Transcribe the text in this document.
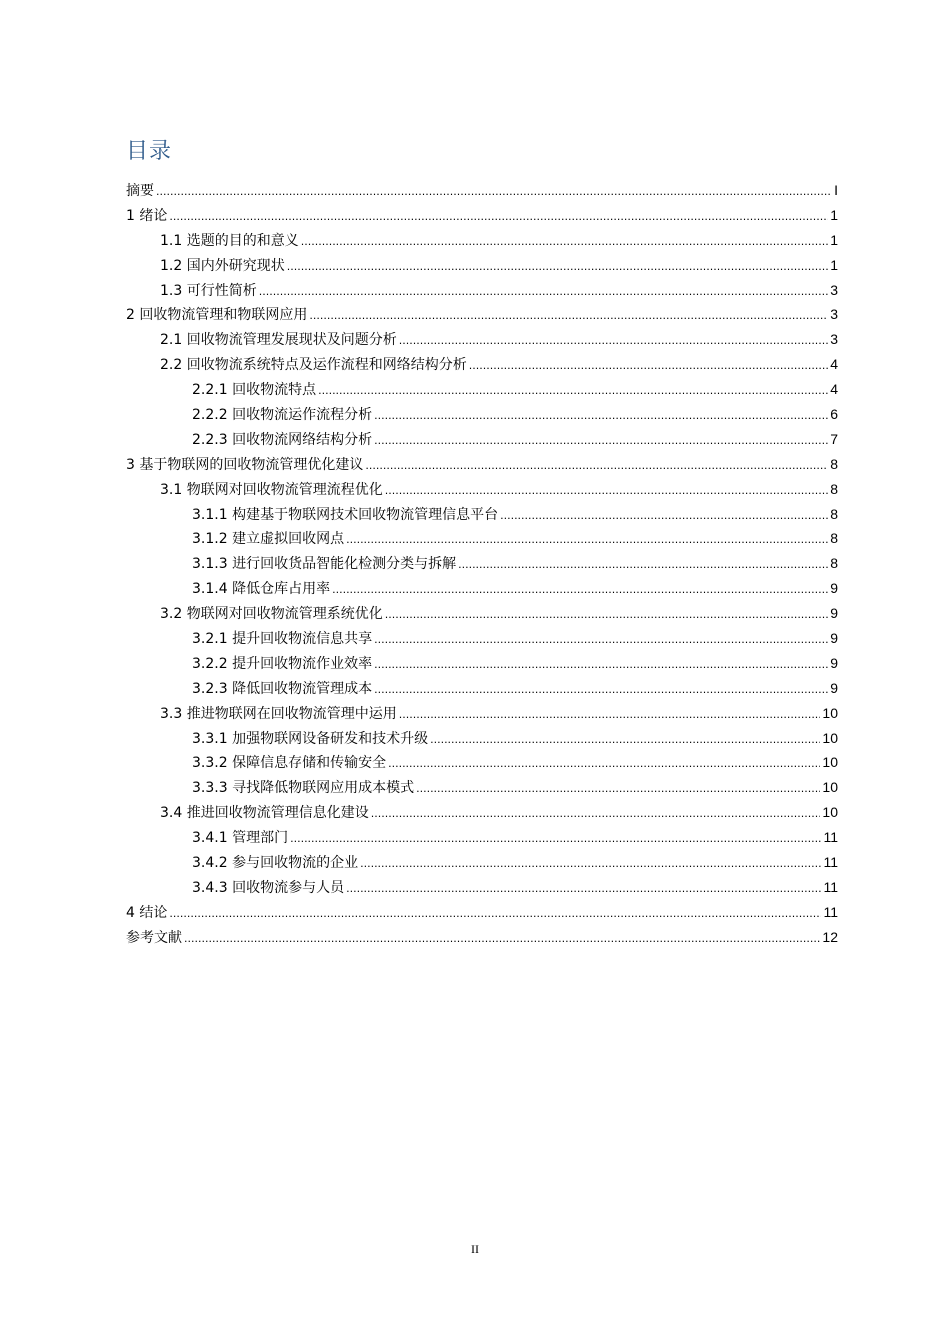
目录
摘要 .....	I
1 绪论 .....	1
1.1 选题的目的和意义 .....	1
1.2 国内外研究现状 .....	1
1.3 可行性简析 .....	3
2 回收物流管理和物联网应用 .....	3
2.1 回收物流管理发展现状及问题分析 .....	3
2.2 回收物流系统特点及运作流程和网络结构分析 .....	4
2.2.1 回收物流特点 .....	4
2.2.2 回收物流运作流程分析 .....	6
2.2.3 回收物流网络结构分析 .....	7
3 基于物联网的回收物流管理优化建议 .....	8
3.1 物联网对回收物流管理流程优化 .....	8
3.1.1 构建基于物联网技术回收物流管理信息平台 .....	8
3.1.2 建立虚拟回收网点 .....	8
3.1.3 进行回收货品智能化检测分类与拆解 .....	8
3.1.4 降低仓库占用率 .....	9
3.2 物联网对回收物流管理系统优化 .....	9
3.2.1 提升回收物流信息共享 .....	9
3.2.2 提升回收物流作业效率 .....	9
3.2.3 降低回收物流管理成本 .....	9
3.3 推进物联网在回收物流管理中运用 .....	10
3.3.1 加强物联网设备研发和技术升级 .....	10
3.3.2 保障信息存储和传输安全 .....	10
3.3.3 寻找降低物联网应用成本模式 .....	10
3.4 推进回收物流管理信息化建设 .....	10
3.4.1 管理部门 .....	11
3.4.2 参与回收物流的企业 .....	11
3.4.3 回收物流参与人员 .....	11
4 结论 .....	11
参考文献 .....	12
II
